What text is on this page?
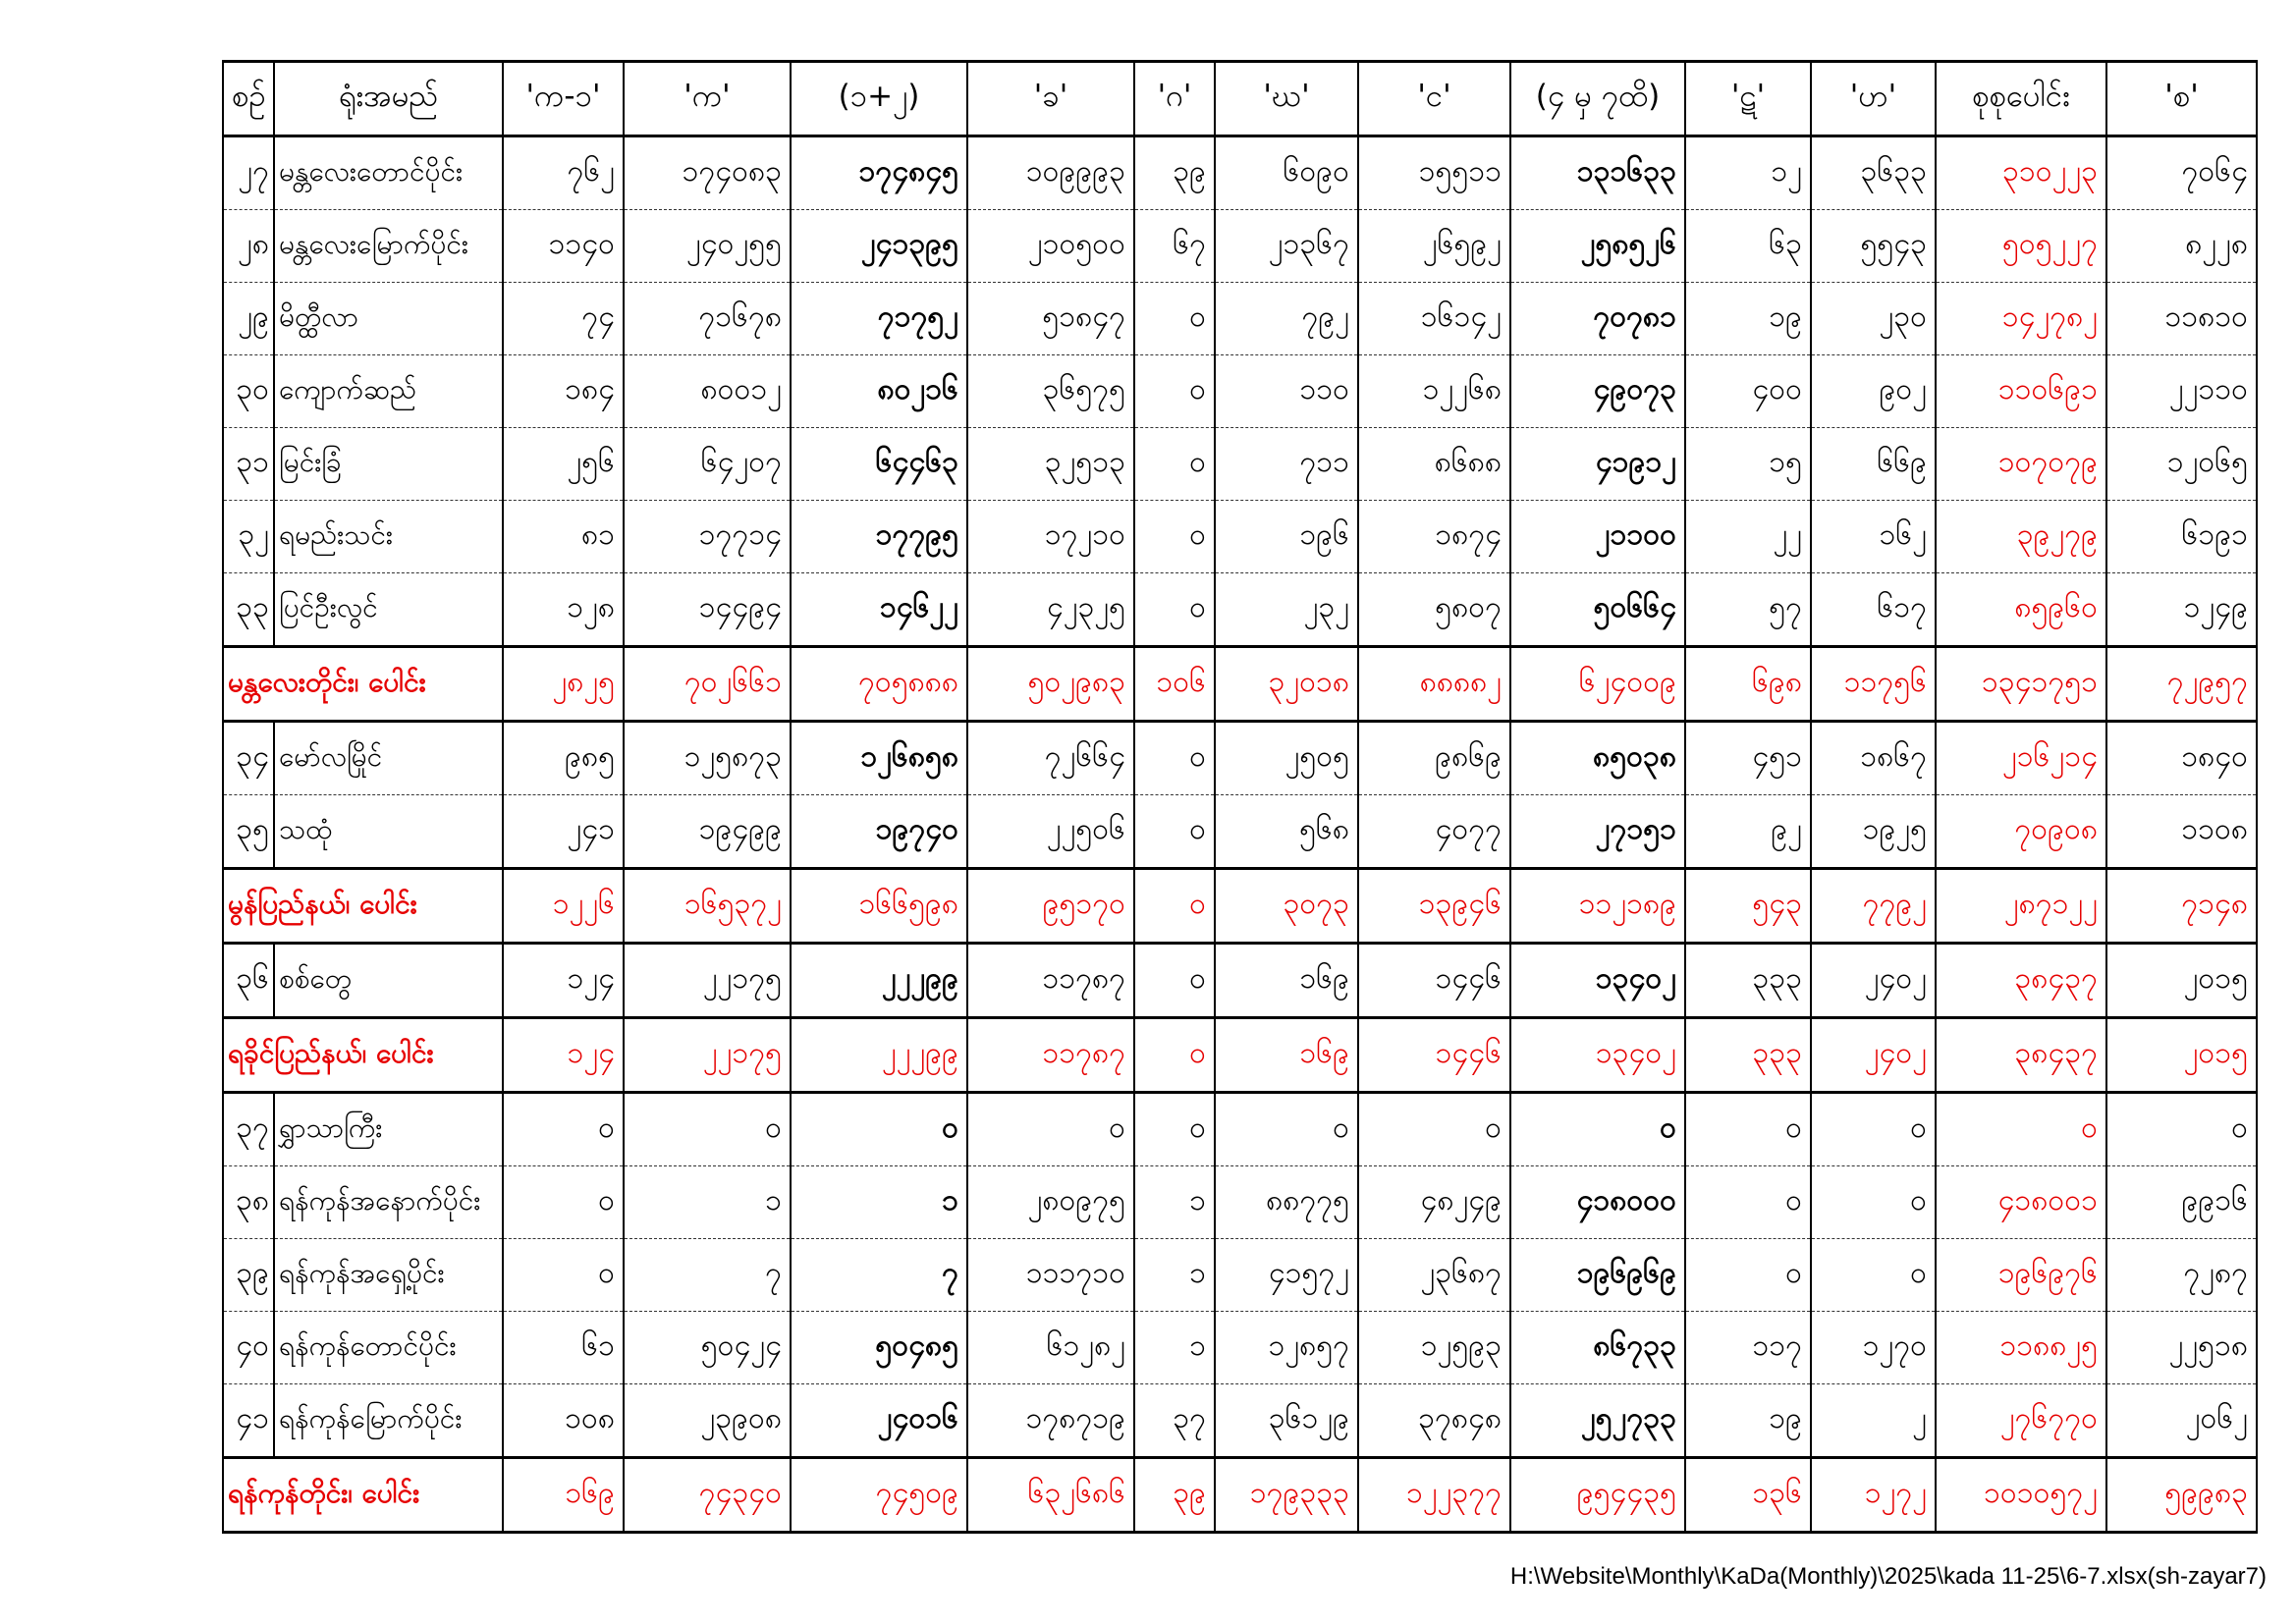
စဉ်	ရုံးအမည်	'က-၁'	'က'	(၁+၂)	'ခ'	'ဂ'	'ဃ'	'င'	(၄ မှ ၇ထိ)	'ဋ'	'ဟ'	စုစုပေါင်း	'စ'
၂၇	မန္တလေးတောင်ပိုင်း	၇၆၂	၁၇၄၀၈၃	၁၇၄၈၄၅	၁၀၉၉၉၃	၃၉	၆၀၉၀	၁၅၅၁၁	၁၃၁၆၃၃	၁၂	၃၆၃၃	၃၁၀၂၂၃	၇၀၆၄
၂၈	မန္တလေးမြောက်ပိုင်း	၁၁၄၀	၂၄၀၂၅၅	၂၄၁၃၉၅	၂၁၀၅၀၀	၆၇	၂၁၃၆၇	၂၆၅၉၂	၂၅၈၅၂၆	၆၃	၅၅၄၃	၅၀၅၂၂၇	၈၂၂၈
၂၉	မိတ္ထီလာ	၇၄	၇၁၆၇၈	၇၁၇၅၂	၅၁၈၄၇	၀	၇၉၂	၁၆၁၄၂	၇၀၇၈၁	၁၉	၂၃၀	၁၄၂၇၈၂	၁၁၈၁၀
၃၀	ကျောက်ဆည်	၁၈၄	၈၀၀၁၂	၈၀၂၁၆	၃၆၅၇၅	၀	၁၁၀	၁၂၂၆၈	၄၉၀၇၃	၄၀၀	၉၀၂	၁၁၀၆၉၁	၂၂၁၁၀
၃၁	မြင်းခြံ	၂၅၆	၆၄၂၀၇	၆၄၄၆၃	၃၂၅၁၃	၀	၇၁၁	၈၆၈၈	၄၁၉၁၂	၁၅	၆၆၉	၁၀၇၀၇၉	၁၂၀၆၅
၃၂	ရမည်းသင်း	၈၁	၁၇၇၁၄	၁၇၇၉၅	၁၇၂၁၀	၀	၁၉၆	၁၈၇၄	၂၁၁၀၀	၂၂	၁၆၂	၃၉၂၇၉	၆၁၉၁
၃၃	ပြင်ဦးလွင်	၁၂၈	၁၄၄၉၄	၁၄၆၂၂	၄၂၃၂၅	၀	၂၃၂	၅၈၀၇	၅၀၆၆၄	၅၇	၆၁၇	၈၅၉၆၀	၁၂၄၉
မန္တလေးတိုင်း၊ ပေါင်း		၂၈၂၅	၇၀၂၆၆၁	၇၀၅၈၈၈	၅၀၂၉၈၃	၁၀၆	၃၂၀၁၈	၈၈၈၈၂	၆၂၄၀၀၉	၆၉၈	၁၁၇၅၆	၁၃၄၁၇၅၁	၇၂၉၅၇
၃၄	မော်လမြိုင်	၉၈၅	၁၂၅၈၇၃	၁၂၆၈၅၈	၇၂၆၆၄	၀	၂၅၀၅	၉၈၆၉	၈၅၀၃၈	၄၅၁	၁၈၆၇	၂၁၆၂၁၄	၁၈၄၀
၃၅	သထုံ	၂၄၁	၁၉၄၉၉	၁၉၇၄၀	၂၂၅၀၆	၀	၅၆၈	၄၀၇၇	၂၇၁၅၁	၉၂	၁၉၂၅	၇၀၉၀၈	၁၁၀၈
မွန်ပြည်နယ်၊ ပေါင်း		၁၂၂၆	၁၆၅၃၇၂	၁၆၆၅၉၈	၉၅၁၇၀	၀	၃၀၇၃	၁၃၉၄၆	၁၁၂၁၈၉	၅၄၃	၇၇၉၂	၂၈၇၁၂၂	၇၁၄၈
၃၆	စစ်တွေ	၁၂၄	၂၂၁၇၅	၂၂၂၉၉	၁၁၇၈၇	၀	၁၆၉	၁၄၄၆	၁၃၄၀၂	၃၃၃	၂၄၀၂	၃၈၄၃၇	၂၀၁၅
ရခိုင်ပြည်နယ်၊ ပေါင်း		၁၂၄	၂၂၁၇၅	၂၂၂၉၉	၁၁၇၈၇	၀	၁၆၉	၁၄၄၆	၁၃၄၀၂	၃၃၃	၂၄၀၂	၃၈၄၃၇	၂၀၁၅
၃၇	ရွှာသာကြီး	၀	၀	၀	၀	၀	၀	၀	၀	၀	၀	၀	၀
၃၈	ရန်ကုန်အနောက်ပိုင်း	၀	၁	၁	၂၈၀၉၇၅	၁	၈၈၇၇၅	၄၈၂၄၉	၄၁၈၀၀၀	၀	၀	၄၁၈၀၀၁	၉၉၁၆
၃၉	ရန်ကုန်အရှေ့ပိုင်း	၀	၇	၇	၁၁၁၇၁၀	၁	၄၁၅၇၂	၂၃၆၈၇	၁၉၆၉၆၉	၀	၀	၁၉၆၉၇၆	၇၂၈၇
၄၀	ရန်ကုန်တောင်ပိုင်း	၆၁	၅၀၄၂၄	၅၀၄၈၅	၆၁၂၈၂	၁	၁၂၈၅၇	၁၂၅၉၃	၈၆၇၃၃	၁၁၇	၁၂၇၀	၁၁၈၈၂၅	၂၂၅၁၈
၄၁	ရန်ကုန်မြောက်ပိုင်း	၁၀၈	၂၃၉၀၈	၂၄၀၁၆	၁၇၈၇၁၉	၃၇	၃၆၁၂၉	၃၇၈၄၈	၂၅၂၇၃၃	၁၉	၂	၂၇၆၇၇၀	၂၀၆၂
ရန်ကုန်တိုင်း၊ ပေါင်း		၁၆၉	၇၄၃၄၀	၇၄၅၀၉	၆၃၂၆၈၆	၃၉	၁၇၉၃၃၃	၁၂၂၃၇၇	၉၅၄၄၃၅	၁၃၆	၁၂၇၂	၁၀၁၀၅၇၂	၅၉၉၈၃
H:\Website\Monthly\KaDa(Monthly)\2025\kada 11-25\6-7.xlsx(sh-zayar7)
